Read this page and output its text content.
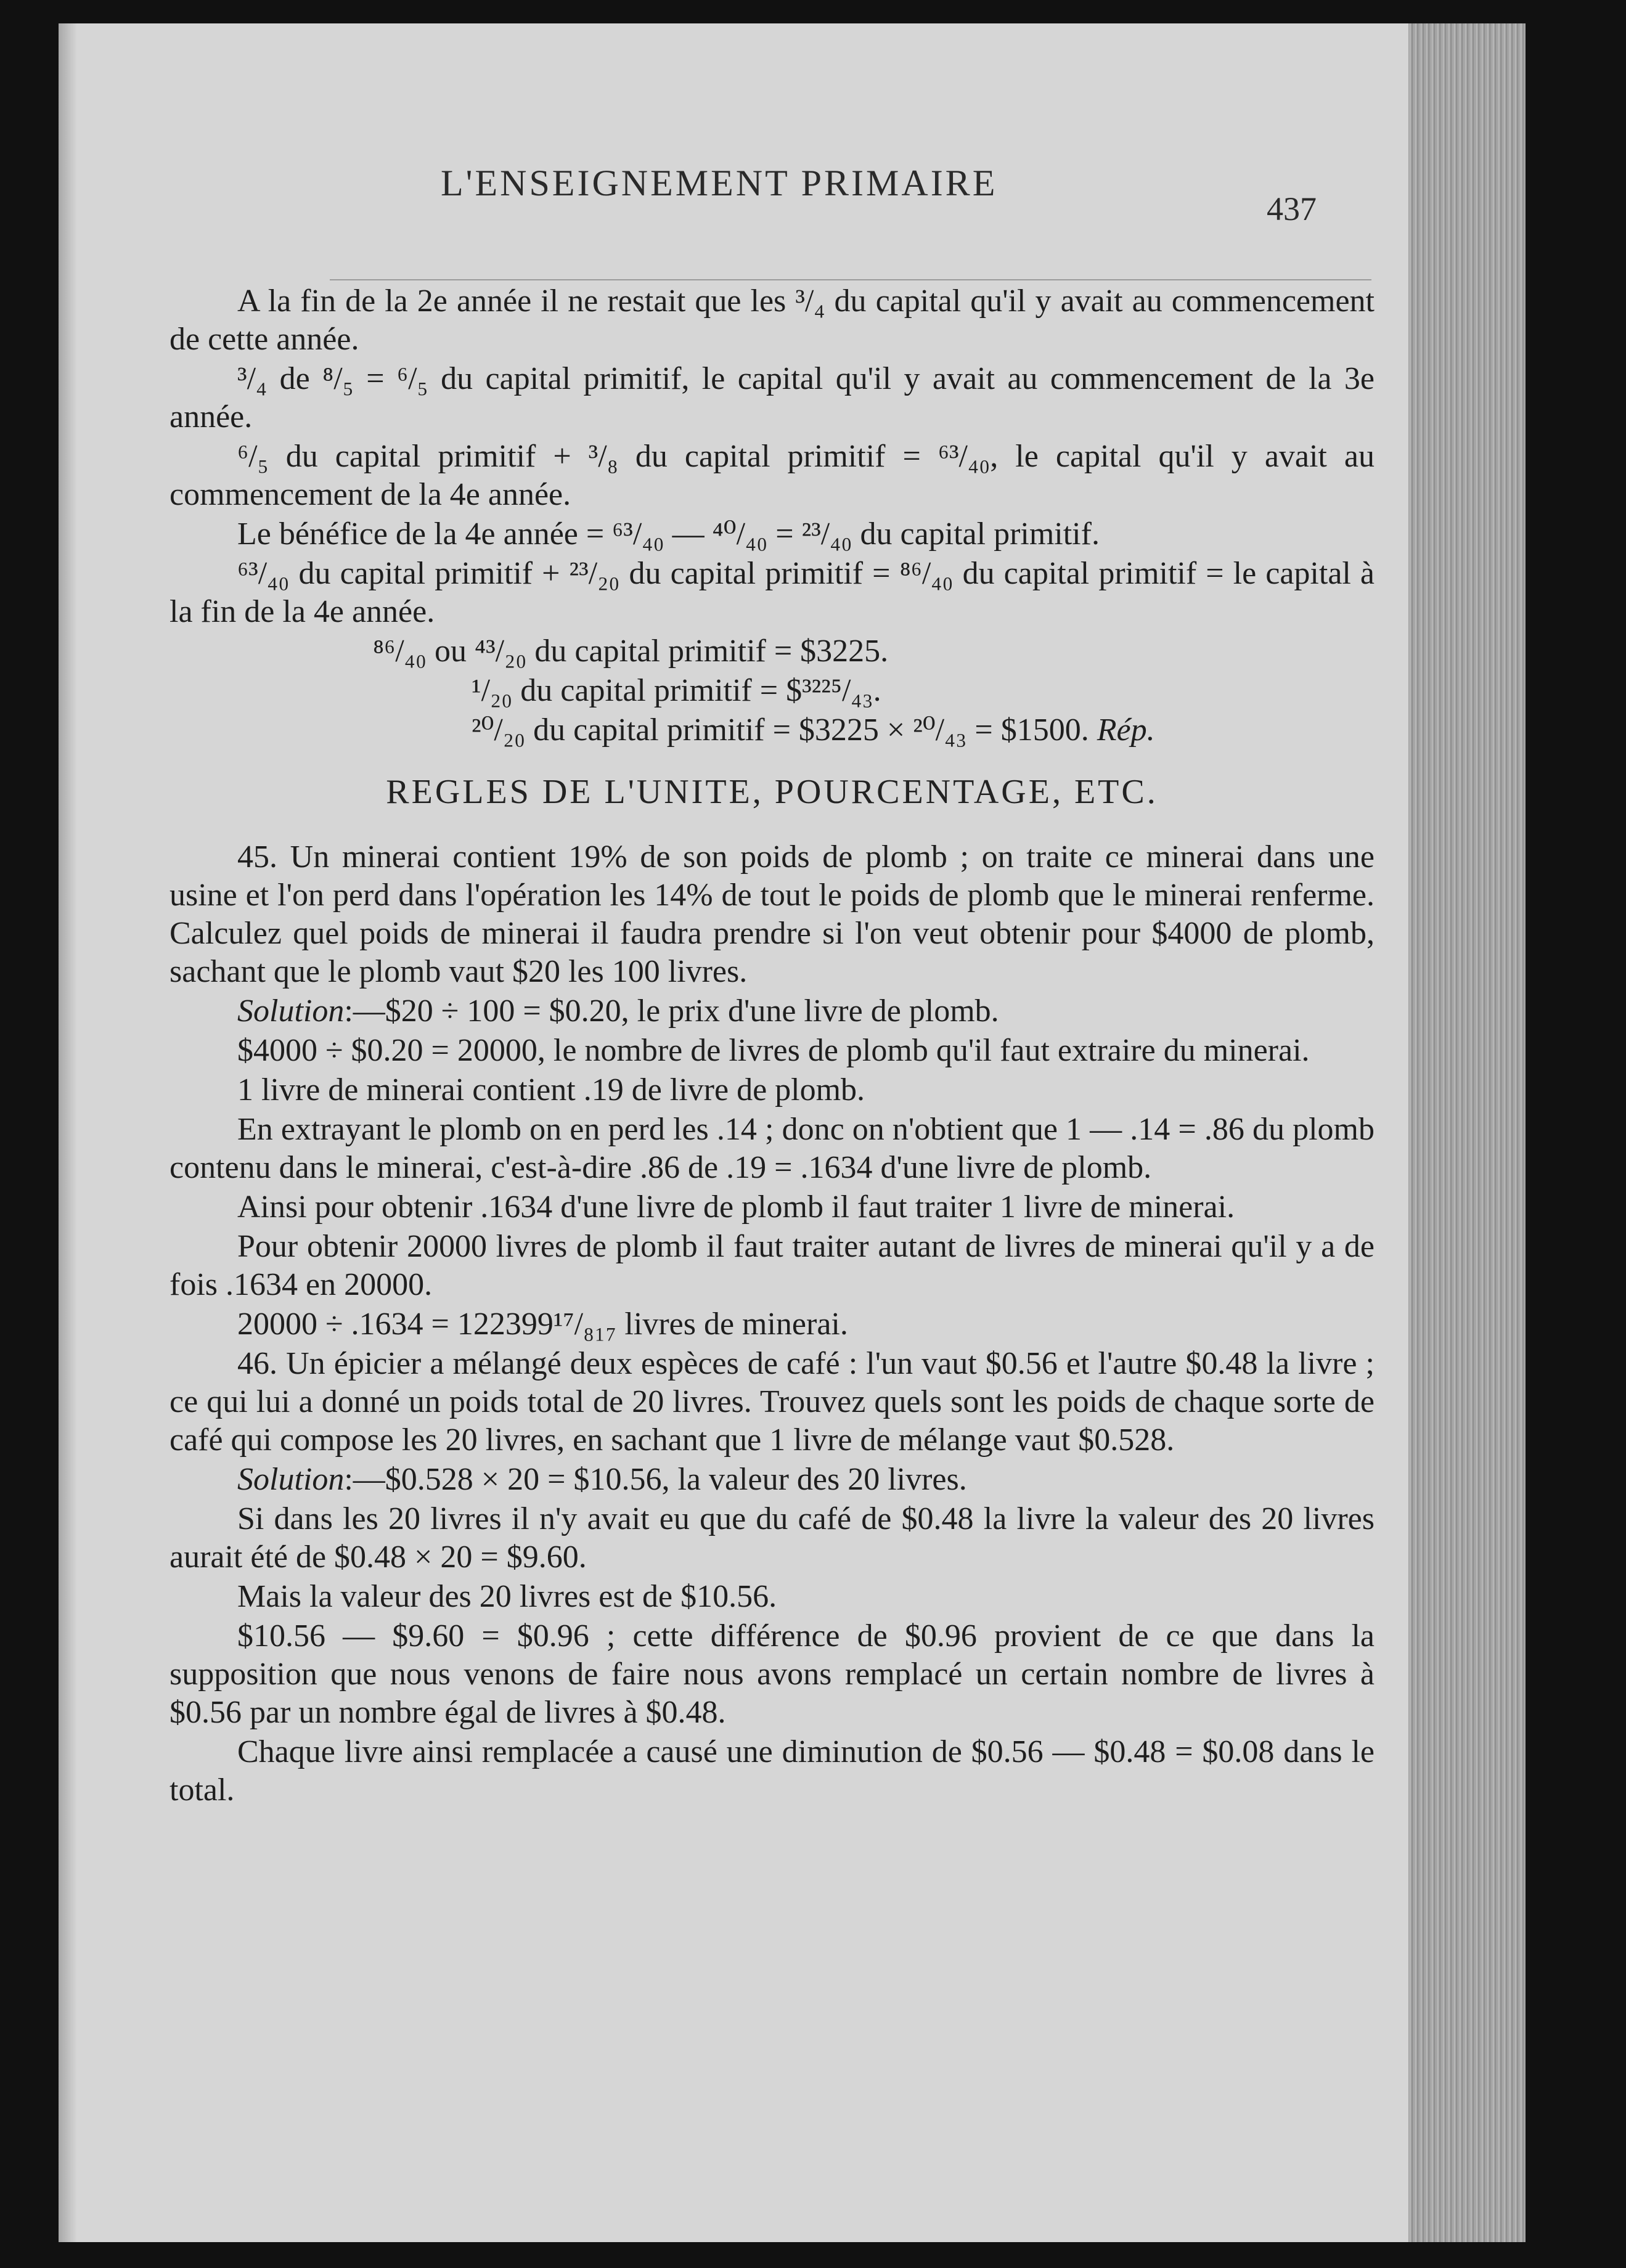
L'ENSEIGNEMENT PRIMAIRE
437

A la fin de la 2e année il ne restait que les ³/₄ du capital qu'il y avait au commencement de cette année.

³/₄ de ⁸/₅ = ⁶/₅ du capital primitif, le capital qu'il y avait au commencement de la 3e année.

⁶/₅ du capital primitif + ³/₈ du capital primitif = ⁶³/₄₀, le capital qu'il y avait au commencement de la 4e année.

Le bénéfice de la 4e année = ⁶³/₄₀ — ⁴⁰/₄₀ = ²³/₄₀ du capital primitif.

⁶³/₄₀ du capital primitif + ²³/₂₀ du capital primitif = ⁸⁶/₄₀ du capital primitif = le capital à la fin de la 4e année.

⁸⁶/₄₀ ou ⁴³/₂₀ du capital primitif = $3225.

¹/₂₀ du capital primitif = $³²²⁵/₄₃.

²⁰/₂₀ du capital primitif = $3225 × ²⁰/₄₃ = $1500. Rép.

REGLES DE L'UNITE, POURCENTAGE, ETC.

45. Un minerai contient 19% de son poids de plomb ; on traite ce minerai dans une usine et l'on perd dans l'opération les 14% de tout le poids de plomb que le minerai renferme. Calculez quel poids de minerai il faudra prendre si l'on veut obtenir pour $4000 de plomb, sachant que le plomb vaut $20 les 100 livres.

Solution:—$20 ÷ 100 = $0.20, le prix d'une livre de plomb.

$4000 ÷ $0.20 = 20000, le nombre de livres de plomb qu'il faut extraire du minerai.

1 livre de minerai contient .19 de livre de plomb.

En extrayant le plomb on en perd les .14 ; donc on n'obtient que 1 — .14 = .86 du plomb contenu dans le minerai, c'est-à-dire .86 de .19 = .1634 d'une livre de plomb.

Ainsi pour obtenir .1634 d'une livre de plomb il faut traiter 1 livre de minerai.

Pour obtenir 20000 livres de plomb il faut traiter autant de livres de minerai qu'il y a de fois .1634 en 20000.

20000 ÷ .1634 = 122399¹⁷/₈₁₇ livres de minerai.

46. Un épicier a mélangé deux espèces de café : l'un vaut $0.56 et l'autre $0.48 la livre ; ce qui lui a donné un poids total de 20 livres. Trouvez quels sont les poids de chaque sorte de café qui compose les 20 livres, en sachant que 1 livre de mélange vaut $0.528.

Solution:—$0.528 × 20 = $10.56, la valeur des 20 livres.

Si dans les 20 livres il n'y avait eu que du café de $0.48 la livre la valeur des 20 livres aurait été de $0.48 × 20 = $9.60.

Mais la valeur des 20 livres est de $10.56.

$10.56 — $9.60 = $0.96 ; cette différence de $0.96 provient de ce que dans la supposition que nous venons de faire nous avons remplacé un certain nombre de livres à $0.56 par un nombre égal de livres à $0.48.

Chaque livre ainsi remplacée a causé une diminution de $0.56 — $0.48 = $0.08 dans le total.
